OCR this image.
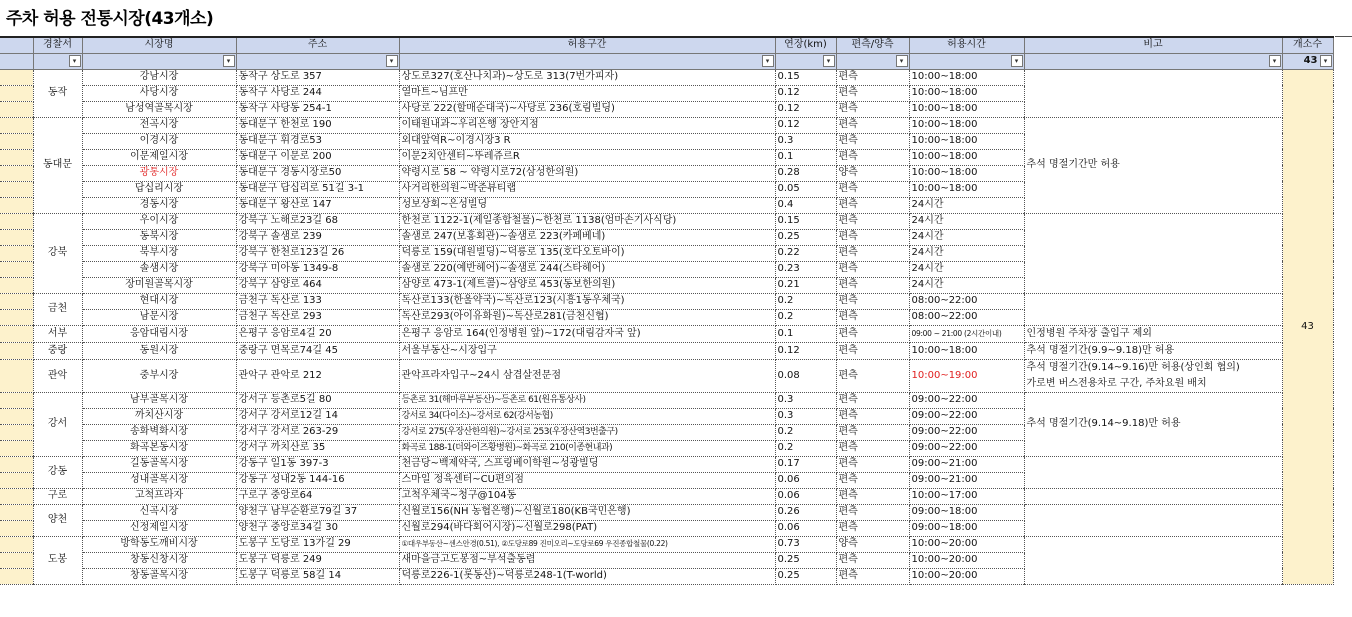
주차 허용 전통시장(43개소)
	경찰서	시장명	주소	허용구간	연장(km)	편측/양측	허용시간	비고	개소수

	▾	▾	▾	▾	▾	▾	▾	▾	43 ▾

	동작	강남시장	동작구 상도로 357	상도로327(호산나치과)~상도로 313(7번가피자)	0.15	편측	10:00~18:00		43
		사당시장	동작구 사당로 244	열마트~님프만	0.12	편측	10:00~18:00		
		남성역골목시장	동작구 사당동 254-1	사당로 222(할매순대국)~사당로 236(호림빌딩)	0.12	편측	10:00~18:00		
	동대문	전곡시장	동대문구 한천로 190	이태원내과~우리은행 장안지점	0.12	편측	10:00~18:00	추석 명절기간만 허용	
		이경시장	동대문구 휘경로53	외대앞역R~이경시장3 R	0.3	편측	10:00~18:00		
		이문제일시장	동대문구 이문로 200	이문2치안센터~뚜레쥬르R	0.1	편측	10:00~18:00		
		광통시장	동대문구 경동시장로50	약령시로 58 ~ 약령시로72(삼성한의원)	0.28	양측	10:00~18:00		
		답십리시장	동대문구 답십리로 51길 3-1	사거리한의원~박준뷰티랩	0.05	편측	10:00~18:00		
		경동시장	동대문구 왕산로 147	성보상회~은성빌딩	0.4	편측	24시간		
	강북	우이시장	강북구 노해로23길 68	한천로 1122-1(제일종합철물)~한천로 1138(엄마손기사식당)	0.15	편측	24시간		
		동북시장	강북구 솔샘로 239	솔샘로 247(보홍회관)~솔샘로 223(카페베네)	0.25	편측	24시간		
		북부시장	강북구 한천로123길 26	덕릉로 159(대원빌딩)~덕릉로 135(호다오토바이)	0.22	편측	24시간		
		솔샘시장	강북구 미아동 1349-8	솔샘로 220(예반헤어)~솔샘로 244(스타헤어)	0.23	편측	24시간		
		장미원골목시장	강북구 삼양로 464	삼양로 473-1(제트콜)~삼양로 453(동보한의원)	0.21	편측	24시간		
	금천	현대시장	금천구 독산로 133	독산로133(한울약국)~독산로123(시흥1동우체국)	0.2	편측	08:00~22:00		
		남문시장	금천구 독산로 293	독산로293(아이유화원)~독산로281(금천신협)	0.2	편측	08:00~22:00		
	서부	응암대림시장	은평구 응암로4길 20	은평구 응암로 164(인정병원 앞)~172(대림감자국 앞)	0.1	편측	09:00 ~ 21:00 (2시간이내)	인정병원 주차장 출입구 제외	
	중랑	동원시장	중랑구 면목로74길 45	서울부동산~시장입구	0.12	편측	10:00~18:00	추석 명절기간(9.9~9.18)만 허용	
	관악	중부시장	관악구 관악로 212	관악프라자입구~24시 삼겹살전문점	0.08	편측	10:00~19:00	추석 명절기간(9.14~9.16)만 허용(상인회 협의)
가로변 버스전용차로 구간, 주차요원 배치	
	강서	남부골목시장	강서구 등촌로5길 80	등촌로 31(해마루부동산)~등촌로 61(원유통상사)	0.3	편측	09:00~22:00	추석 명절기간(9.14~9.18)만 허용	
		까치산시장	강서구 강서로12길 14	강서로 34(다이소)~강서로 62(강서농협)	0.3	편측	09:00~22:00		
		송화벽화시장	강서구 강서로 263-29	강서로 275(우장산한의원)~강서로 253(우장산역3번출구)	0.2	편측	09:00~22:00		
		화곡본동시장	강서구 까치산로 35	화곡로 188-1(더와이즈황병원)~화곡로 210(이종현내과)	0.2	편측	09:00~22:00		
	강동	길동골목시장	강동구 일1동 397-3	천금당~백제약국, 스프링베이학원~성광빌딩	0.17	편측	09:00~21:00		
		성내골목시장	강동구 성내2동 144-16	스마일 정육센터~CU편의점	0.06	편측	09:00~21:00		
	구로	고척프라자	구로구 중앙로64	고척우체국~청구@104동	0.06	편측	10:00~17:00		
	양천	신곡시장	양천구 남부순환로79길 37	신월로156(NH 농협은행)~신월로180(KB국민은행)	0.26	편측	09:00~18:00		
		신정제일시장	양천구 중앙로34길 30	신월로294(바다회어시장)~신월로298(PAT)	0.06	편측	09:00~18:00		
	도봉	방학동도깨비시장	도봉구 도당로 13가길 29	①대우부동산~센스안경(0.51), ②도당로89 진미오리~도당로69 우진종합철물(0.22)	0.73	양측	10:00~20:00		
		창동신창시장	도봉구 덕릉로 249	새마을금고도봉점~부석출동렴	0.25	편측	10:00~20:00		
		창동골목시장	도봉구 덕릉로 58길 14	덕릉로226-1(롯동산)~덕릉로248-1(T-world)	0.25	편측	10:00~20:00		
